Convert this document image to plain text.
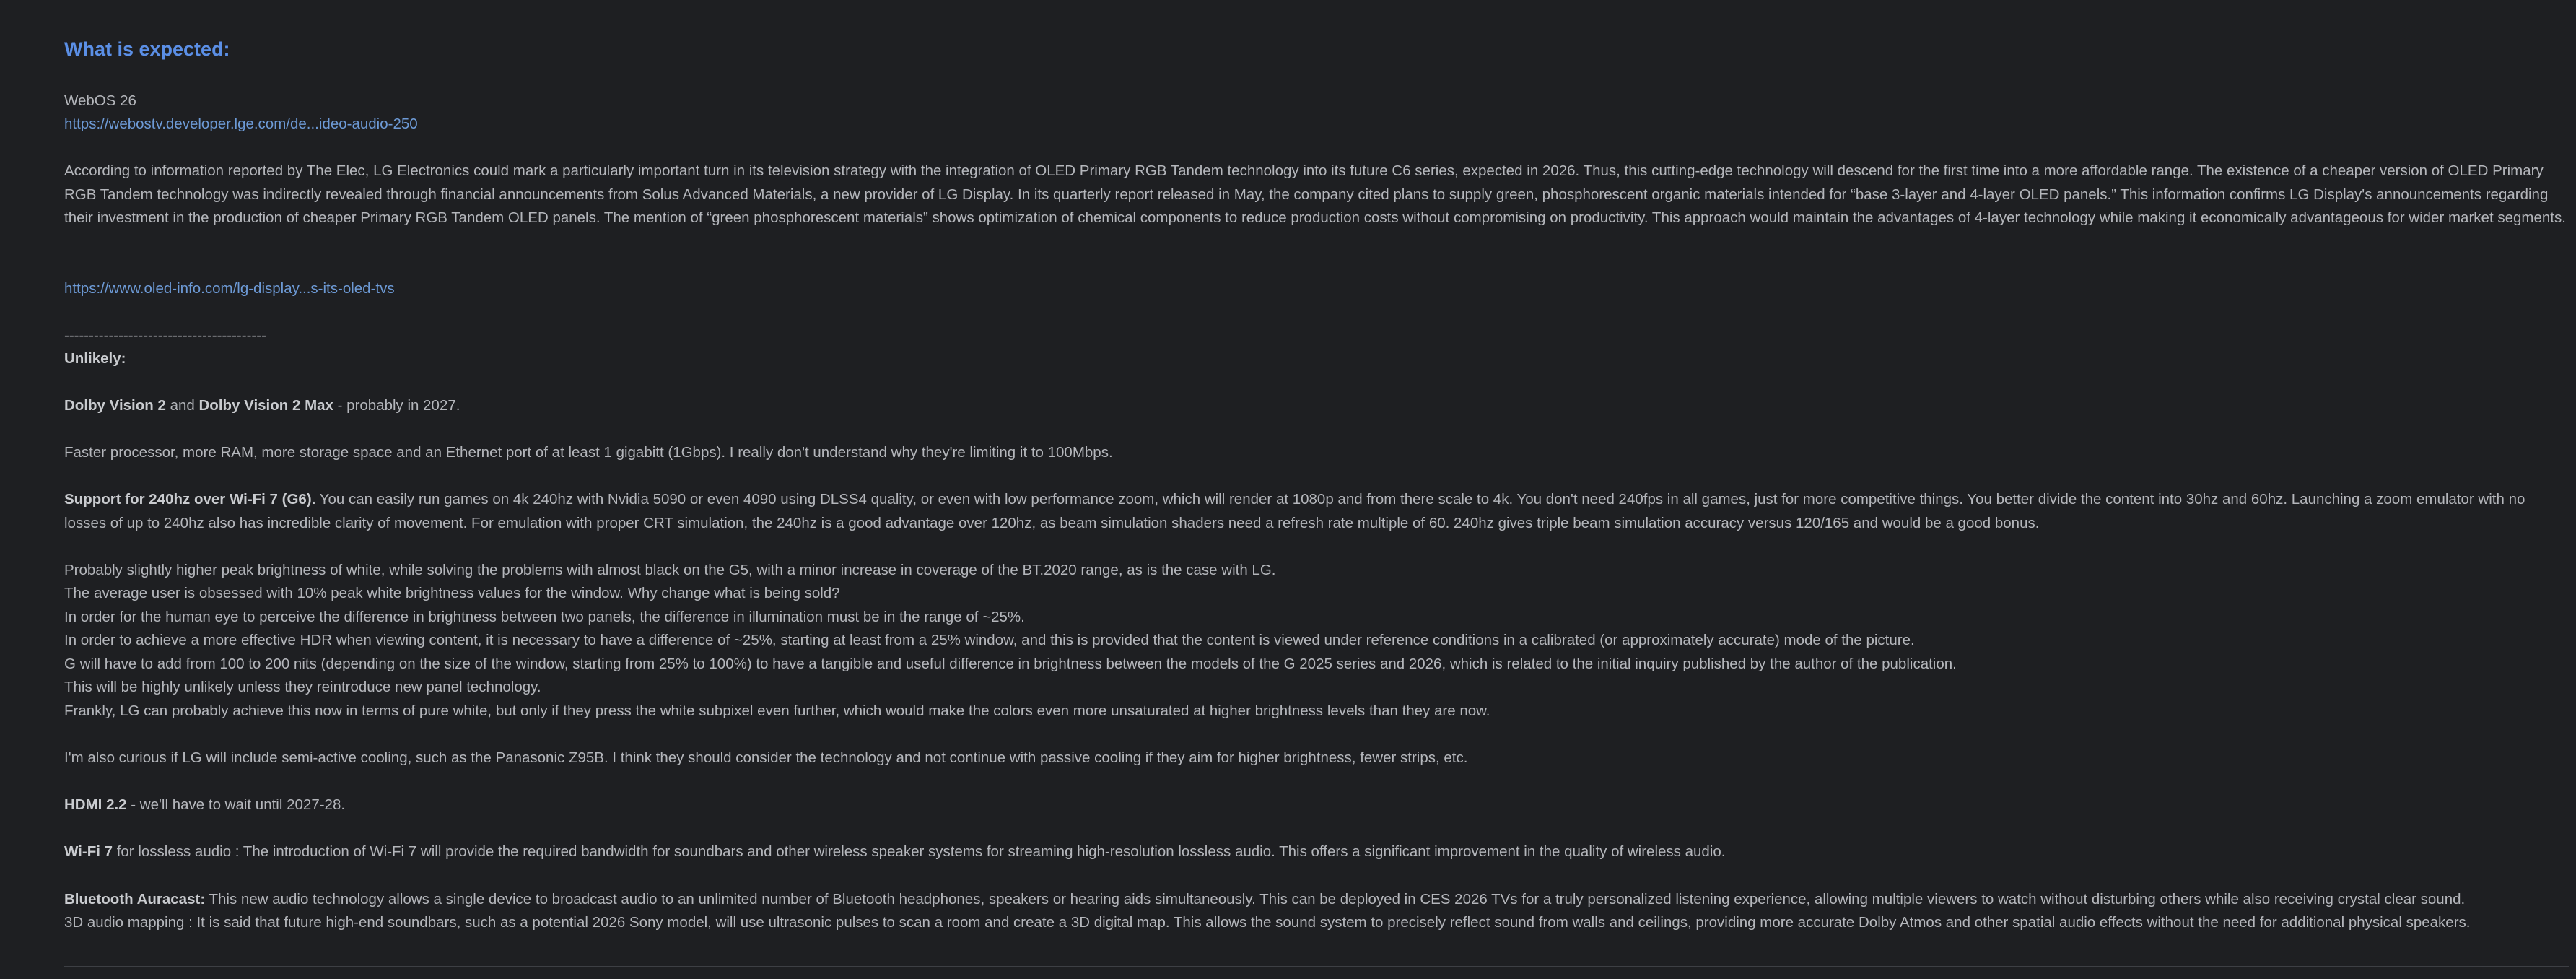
What is expected:
WebOS 26
https://webostv.developer.lge.com/de...ideo-audio-250
According to information reported by The Elec, LG Electronics could mark a particularly important turn in its television strategy with the integration of OLED Primary RGB Tandem technology into its future C6 series, expected in 2026. Thus, this cutting-edge technology will descend for the first time into a more affordable range. The existence of a cheaper version of OLED Primary RGB Tandem technology was indirectly revealed through financial announcements from Solus Advanced Materials, a new provider of LG Display. In its quarterly report released in May, the company cited plans to supply green, phosphorescent organic materials intended for “base 3-layer and 4-layer OLED panels.” This information confirms LG Display's announcements regarding their investment in the production of cheaper Primary RGB Tandem OLED panels. The mention of “green phosphorescent materials” shows optimization of chemical components to reduce production costs without compromising on productivity. This approach would maintain the advantages of 4-layer technology while making it economically advantageous for wider market segments.
https://www.oled-info.com/lg-display...s-its-oled-tvs
-----------------------------------------
Unlikely:
Dolby Vision 2 and Dolby Vision 2 Max - probably in 2027.
Faster processor, more RAM, more storage space and an Ethernet port of at least 1 gigabitt (1Gbps). I really don't understand why they're limiting it to 100Mbps.
Support for 240hz over Wi-Fi 7 (G6). You can easily run games on 4k 240hz with Nvidia 5090 or even 4090 using DLSS4 quality, or even with low performance zoom, which will render at 1080p and from there scale to 4k. You don't need 240fps in all games, just for more competitive things. You better divide the content into 30hz and 60hz. Launching a zoom emulator with no losses of up to 240hz also has incredible clarity of movement. For emulation with proper CRT simulation, the 240hz is a good advantage over 120hz, as beam simulation shaders need a refresh rate multiple of 60. 240hz gives triple beam simulation accuracy versus 120/165 and would be a good bonus.
Probably slightly higher peak brightness of white, while solving the problems with almost black on the G5, with a minor increase in coverage of the BT.2020 range, as is the case with LG.
The average user is obsessed with 10% peak white brightness values for the window. Why change what is being sold?
In order for the human eye to perceive the difference in brightness between two panels, the difference in illumination must be in the range of ~25%.
In order to achieve a more effective HDR when viewing content, it is necessary to have a difference of ~25%, starting at least from a 25% window, and this is provided that the content is viewed under reference conditions in a calibrated (or approximately accurate) mode of the picture.
G will have to add from 100 to 200 nits (depending on the size of the window, starting from 25% to 100%) to have a tangible and useful difference in brightness between the models of the G 2025 series and 2026, which is related to the initial inquiry published by the author of the publication.
This will be highly unlikely unless they reintroduce new panel technology.
Frankly, LG can probably achieve this now in terms of pure white, but only if they press the white subpixel even further, which would make the colors even more unsaturated at higher brightness levels than they are now.
I'm also curious if LG will include semi-active cooling, such as the Panasonic Z95B. I think they should consider the technology and not continue with passive cooling if they aim for higher brightness, fewer strips, etc.
HDMI 2.2 - we'll have to wait until 2027-28.
Wi-Fi 7 for lossless audio : The introduction of Wi-Fi 7 will provide the required bandwidth for soundbars and other wireless speaker systems for streaming high-resolution lossless audio. This offers a significant improvement in the quality of wireless audio.
Bluetooth Auracast: This new audio technology allows a single device to broadcast audio to an unlimited number of Bluetooth headphones, speakers or hearing aids simultaneously. This can be deployed in CES 2026 TVs for a truly personalized listening experience, allowing multiple viewers to watch without disturbing others while also receiving crystal clear sound.
3D audio mapping : It is said that future high-end soundbars, such as a potential 2026 Sony model, will use ultrasonic pulses to scan a room and create a 3D digital map. This allows the sound system to precisely reflect sound from walls and ceilings, providing more accurate Dolby Atmos and other spatial audio effects without the need for additional physical speakers.
